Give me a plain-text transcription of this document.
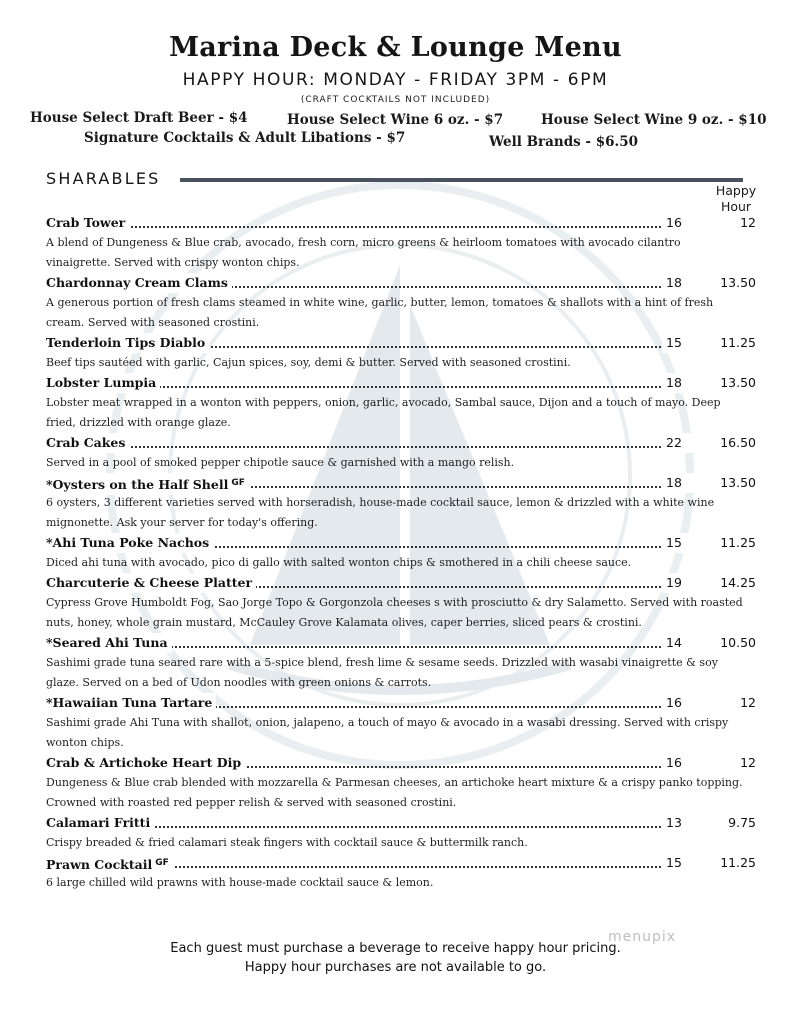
Marina Deck & Lounge Menu
HAPPY HOUR: MONDAY - FRIDAY 3PM - 6PM
(CRAFT COCKTAILS NOT INCLUDED)
House Select Draft Beer - $4	House Select Wine 6 oz. - $7	House Select Wine 9 oz. - $10
Signature Cocktails & Adult Libations - $7	Well Brands - $6.50
SHARABLES
Happy
Hour
Crab Tower	16	12
A blend of Dungeness & Blue crab, avocado, fresh corn, micro greens & heirloom tomatoes with avocado cilantro vinaigrette. Served with crispy wonton chips.
Chardonnay Cream Clams	18	13.50
A generous portion of fresh clams steamed in white wine, garlic, butter, lemon, tomatoes & shallots with a hint of fresh cream. Served with seasoned crostini.
Tenderloin Tips Diablo	15	11.25
Beef tips sautéed with garlic, Cajun spices, soy, demi & butter. Served with seasoned crostini.
Lobster Lumpia	18	13.50
Lobster meat wrapped in a wonton with peppers, onion, garlic, avocado, Sambal sauce, Dijon and a touch of mayo. Deep fried, drizzled with orange glaze.
Crab Cakes	22	16.50
Served in a pool of smoked pepper chipotle sauce & garnished with a mango relish.
*Oysters on the Half Shell $^{GF}$	18	13.50
6 oysters, 3 different varieties served with horseradish, house-made cocktail sauce, lemon & drizzled with a white wine mignonette. Ask your server for today's offering.
*Ahi Tuna Poke Nachos	15	11.25
Diced ahi tuna with avocado, pico di gallo with salted wonton chips & smothered in a chili cheese sauce.
Charcuterie & Cheese Platter	19	14.25
Cypress Grove Humboldt Fog, Sao Jorge Topo & Gorgonzola cheeses s with prosciutto & dry Salametto. Served with roasted nuts, honey, whole grain mustard, McCauley Grove Kalamata olives, caper berries, sliced pears & crostini.
*Seared Ahi Tuna	14	10.50
Sashimi grade tuna seared rare with a 5-spice blend, fresh lime & sesame seeds. Drizzled with wasabi vinaigrette & soy glaze. Served on a bed of Udon noodles with green onions & carrots.
*Hawaiian Tuna Tartare	16	12
Sashimi grade Ahi Tuna with shallot, onion, jalapeno, a touch of mayo & avocado in a wasabi dressing. Served with crispy wonton chips.
Crab & Artichoke Heart Dip	16	12
Dungeness & Blue crab blended with mozzarella & Parmesan cheeses, an artichoke heart mixture & a crispy panko topping. Crowned with roasted red pepper relish & served with seasoned crostini.
Calamari Fritti	13	9.75
Crispy breaded & fried calamari steak fingers with cocktail sauce & buttermilk ranch.
Prawn Cocktail $^{GF}$	15	11.25
6 large chilled wild prawns with house-made cocktail sauce & lemon.
menupix
Each guest must purchase a beverage to receive happy hour pricing.
Happy hour purchases are not available to go.
